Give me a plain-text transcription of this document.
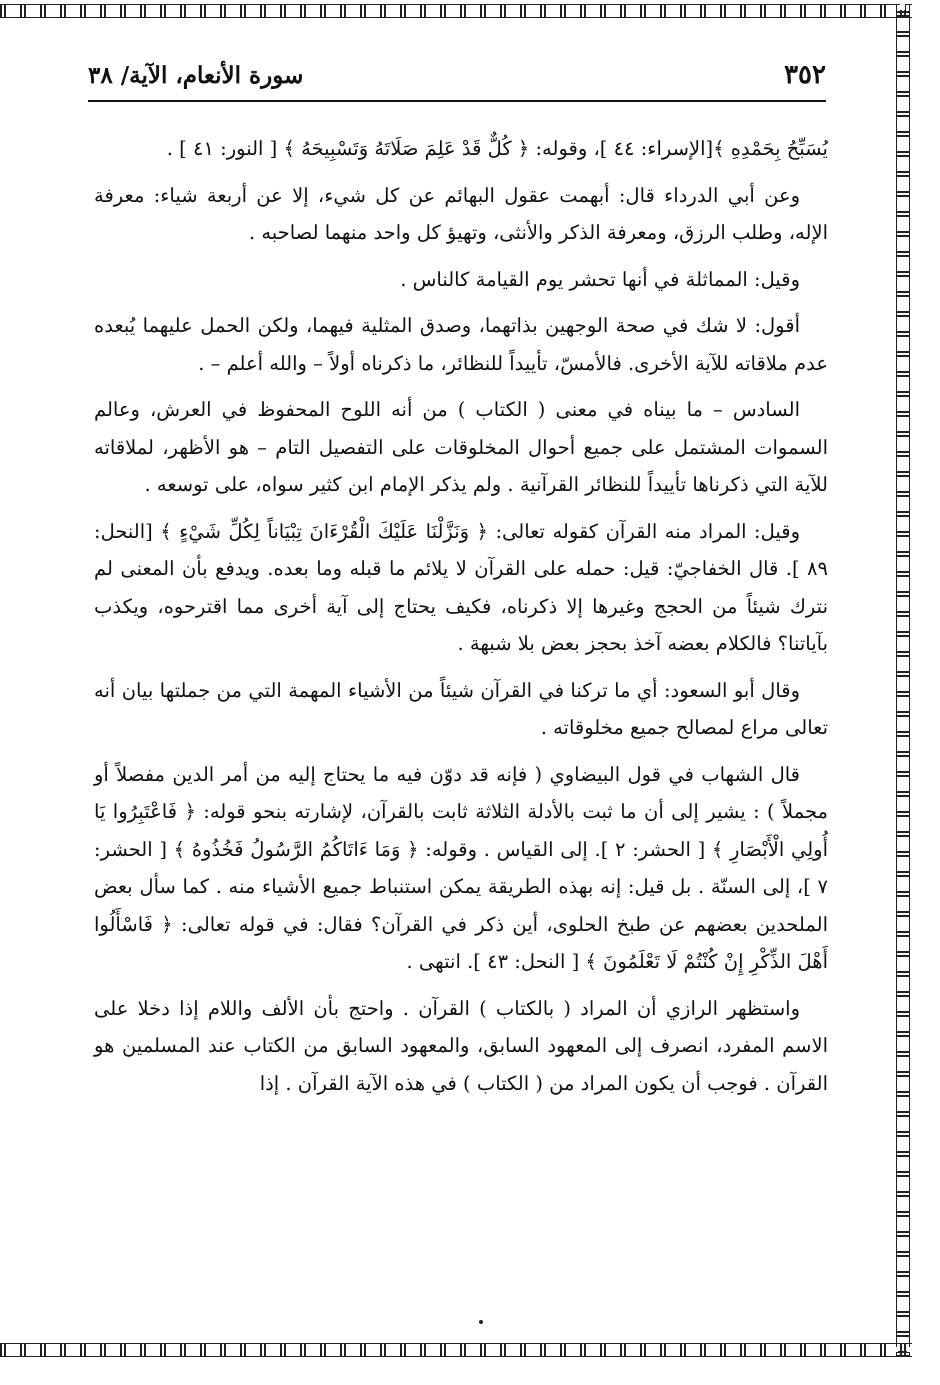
٣٥٢
سورة الأنعام، الآية/ ٣٨

يُسَبِّحُ بِحَمْدِهِ ﴾[الإسراء: ٤٤ ]، وقوله: ﴿ كُلٌّ قَدْ عَلِمَ صَلَاتَهُ وَتَسْبِيحَهُ ﴾ [ النور: ٤١ ] .

وعن أبي الدرداء قال: أبهمت عقول البهائم عن كل شيء، إلا عن أربعة شياء: معرفة الإله، وطلب الرزق، ومعرفة الذكر والأنثى، وتهيؤ كل واحد منهما لصاحبه .

وقيل: المماثلة في أنها تحشر يوم القيامة كالناس .

أقول: لا شك في صحة الوجهين بذاتهما، وصدق المثلية فيهما، ولكن الحمل عليهما يُبعده عدم ملاقاته للآية الأخرى. فالأمسّ، تأييداً للنظائر، ما ذكرناه أولاً – والله أعلم – .

السادس – ما بيناه في معنى ( الكتاب ) من أنه اللوح المحفوظ في العرش، وعالم السموات المشتمل على جميع أحوال المخلوقات على التفصيل التام – هو الأظهر، لملاقاته للآية التي ذكرناها تأييداً للنظائر القرآنية . ولم يذكر الإمام ابن كثير سواه، على توسعه .

وقيل: المراد منه القرآن كقوله تعالى: ﴿ وَنَزَّلْنَا عَلَيْكَ الْقُرْءَانَ تِبْيَاناً لِكُلِّ شَيْءٍ ﴾ [النحل: ٨٩ ]. قال الخفاجيّ: قيل: حمله على القرآن لا يلائم ما قبله وما بعده. ويدفع بأن المعنى لم نترك شيئاً من الحجج وغيرها إلا ذكرناه، فكيف يحتاج إلى آية أخرى مما اقترحوه، ويكذب بآياتنا؟ فالكلام بعضه آخذ بحجز بعض بلا شبهة .

وقال أبو السعود: أي ما تركنا في القرآن شيئاً من الأشياء المهمة التي من جملتها بيان أنه تعالى مراع لمصالح جميع مخلوقاته .

قال الشهاب في قول البيضاوي ( فإنه قد دوّن فيه ما يحتاج إليه من أمر الدين مفصلاً أو مجملاً ) : يشير إلى أن ما ثبت بالأدلة الثلاثة ثابت بالقرآن، لإشارته بنحو قوله: ﴿ فَاعْتَبِرُوا يَا أُولِي الْأَبْصَارِ ﴾ [ الحشر: ٢ ]. إلى القياس . وقوله: ﴿ وَمَا ءَاتَاكُمُ الرَّسُولُ فَخُذُوهُ ﴾ [ الحشر: ٧ ]، إلى السنّة . بل قيل: إنه بهذه الطريقة يمكن استنباط جميع الأشياء منه . كما سأل بعض الملحدين بعضهم عن طبخ الحلوى، أين ذكر في القرآن؟ فقال: في قوله تعالى: ﴿ فَاسْأَلُوا أَهْلَ الذِّكْرِ إِنْ كُنْتُمْ لَا تَعْلَمُونَ ﴾ [ النحل: ٤٣ ]. انتهى .

واستظهر الرازي أن المراد ( بالكتاب ) القرآن . واحتج بأن الألف واللام إذا دخلا على الاسم المفرد، انصرف إلى المعهود السابق، والمعهود السابق من الكتاب عند المسلمين هو القرآن . فوجب أن يكون المراد من ( الكتاب ) في هذه الآية القرآن . إذا
